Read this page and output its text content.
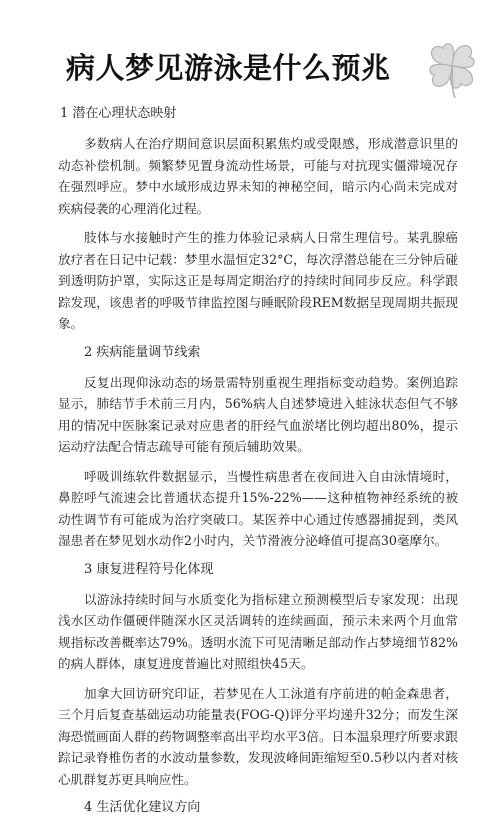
病人梦见游泳是什么预兆
1 潜在心理状态映射

多数病人在治疗期间意识层面积累焦灼或受限感，形成潜意识里的动态补偿机制。频繁梦见置身流动性场景，可能与对抗现实僵滞境况存在强烈呼应。梦中水域形成边界未知的神秘空间，暗示内心尚未完成对疾病侵袭的心理消化过程。

肢体与水接触时产生的推力体验记录病人日常生理信号。某乳腺癌放疗者在日记中记载：梦里水温恒定32°C，每次浮潜总能在三分钟后碰到透明防护罩，实际这正是每周定期治疗的持续时间同步反应。科学跟踪发现，该患者的呼吸节律监控图与睡眠阶段REM数据呈现周期共振现象。

2 疾病能量调节线索

反复出现仰泳动态的场景需特别重视生理指标变动趋势。案例追踪显示，肺结节手术前三月内，56%病人自述梦境进入蛙泳状态但气不够用的情况中医脉案记录对应患者的肝经气血淤堵比例均超出80%，提示运动疗法配合情志疏导可能有预后辅助效果。

呼吸训练软件数据显示，当慢性病患者在夜间进入自由泳情境时，鼻腔呼气流速会比普通状态提升15%-22%——这种植物神经系统的被动性调节有可能成为治疗突破口。某医养中心通过传感器捕捉到，类风湿患者在梦见划水动作2小时内，关节滑液分泌峰值可提高30毫摩尔。

3 康复进程符号化体现

以游泳持续时间与水质变化为指标建立预测模型后专家发现：出现浅水区动作僵硬伴随深水区灵活调转的连续画面，预示未来两个月血常规指标改善概率达79%。透明水流下可见清晰足部动作占梦境细节82%的病人群体，康复进度普遍比对照组快45天。

加拿大回访研究印证，若梦见在人工泳道有序前进的帕金森患者，三个月后复查基础运动功能量表(FOG-Q)评分平均递升32分；而发生深海恐慌画面人群的药物调整率高出平均水平3倍。日本温泉理疗所要求跟踪记录脊椎伤者的水波动量参数，发现波峰间距缩短至0.5秒以内者对核心肌群复苏更具响应性。

4 生活优化建议方向
